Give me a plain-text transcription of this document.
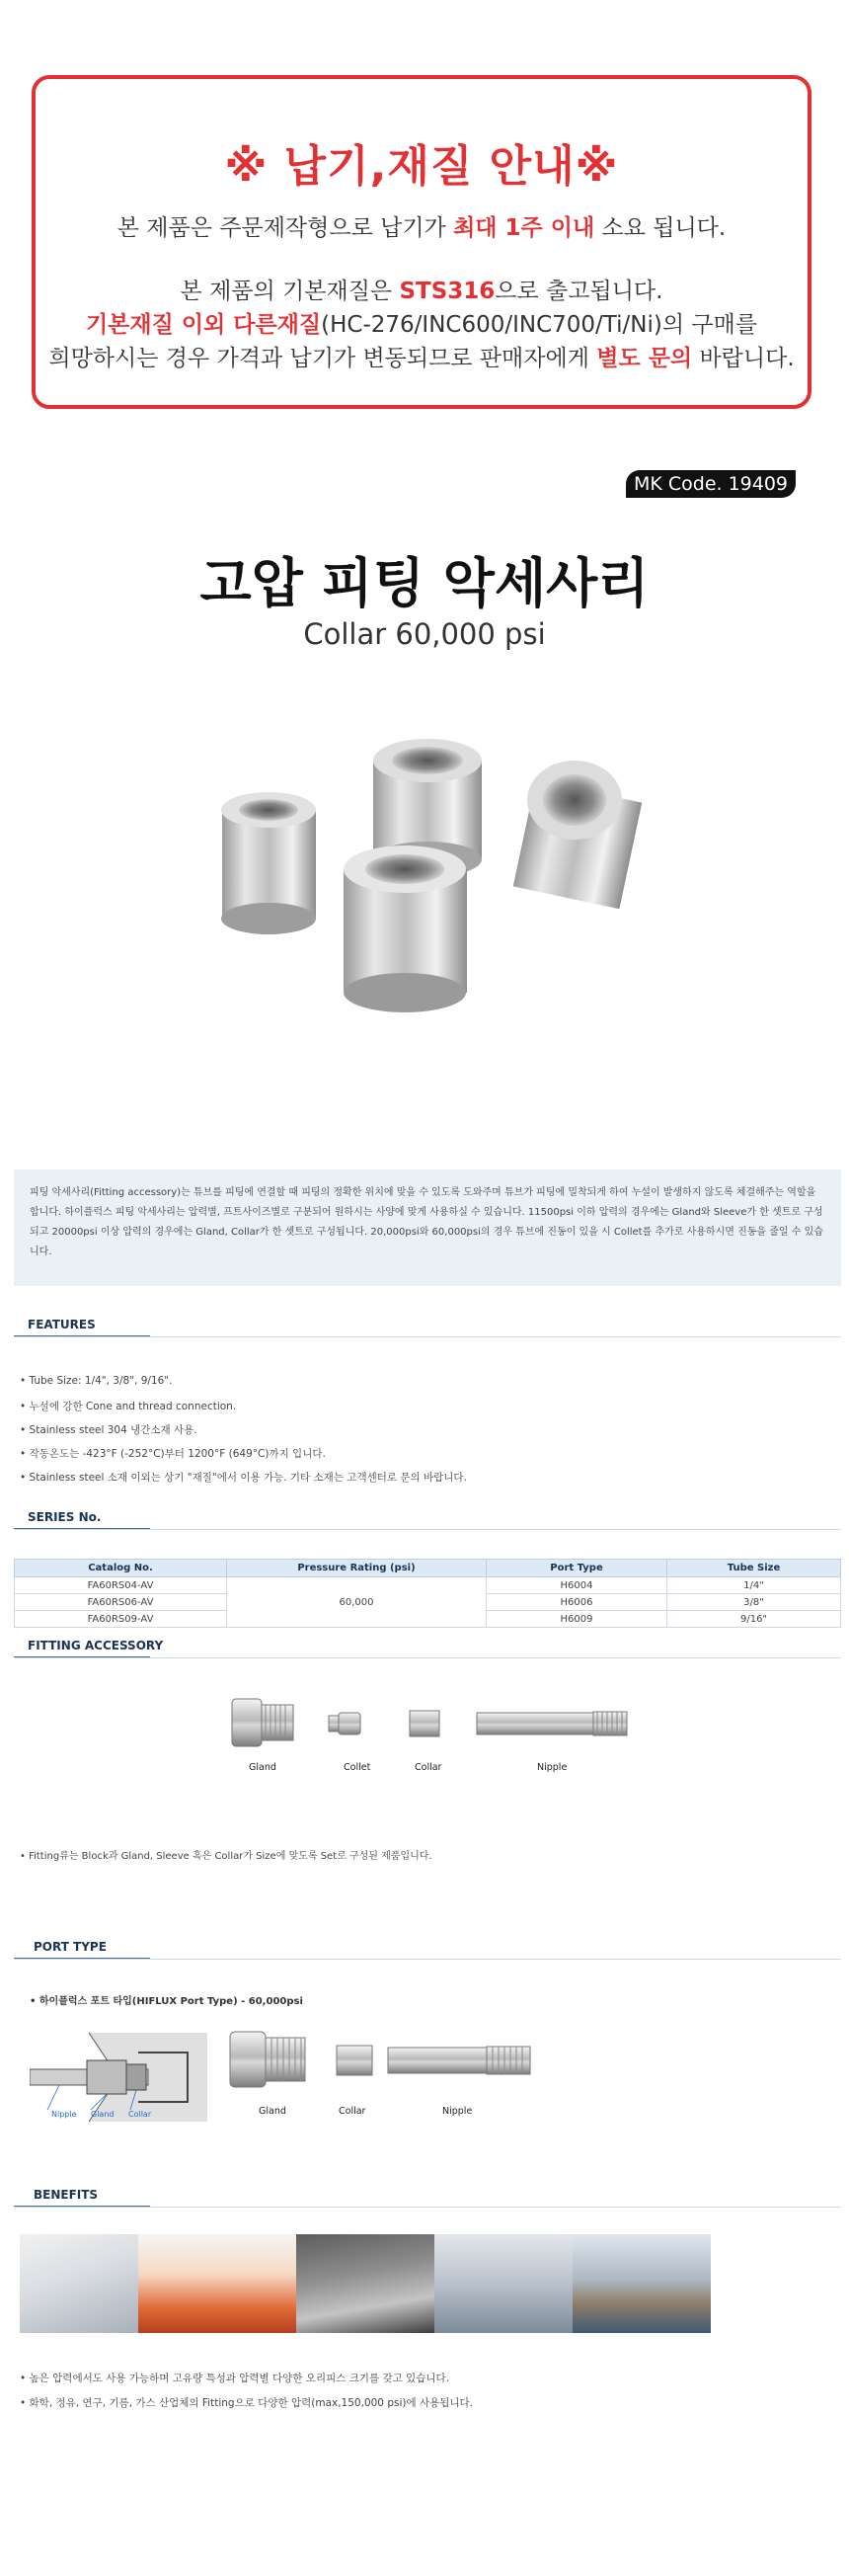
※ 납기,재질 안내※
본 제품은 주문제작형으로 납기가 최대 1주 이내 소요 됩니다.
본 제품의 기본재질은 STS316으로 출고됩니다.
기본재질 이외 다른재질(HC-276/INC600/INC700/Ti/Ni)의 구매를
희망하시는 경우 가격과 납기가 변동되므로 판매자에게 별도 문의 바랍니다.
MK Code. 19409
고압 피팅 악세사리
Collar 60,000 psi
피팅 악세사리(Fitting accessory)는 튜브를 피팅에 연결할 때 피팅의 정확한 위치에 맞을 수 있도록 도와주며 튜브가 피팅에 밀착되게 하여 누설이 발생하지 않도록 체결해주는 역할을 합니다. 하이플럭스 피팅 악세사리는 압력별, 프트사이즈별로 구분되어 원하시는 사양에 맞게 사용하실 수 있습니다. 11500psi 이하 압력의 경우에는 Gland와 Sleeve가 한 셋트로 구성되고 20000psi 이상 압력의 경우에는 Gland, Collar가 한 셋트로 구성됩니다. 20,000psi와 60,000psi의 경우 튜브에 진동이 있을 시 Collet를 추가로 사용하시면 진동을 줄일 수 있습니다.
FEATURES
• Tube Size: 1/4", 3/8", 9/16".
• 누설에 강한 Cone and thread connection.
• Stainless steel 304 냉간소재 사용.
• 작동온도는 -423°F (-252°C)부터 1200°F (649°C)까지 입니다.
• Stainless steel 소재 이외는 상기 "재질"에서 이용 가능. 기타 소재는 고객센터로 문의 바랍니다.
SERIES No.
Catalog No.	Pressure Rating (psi)	Port Type	Tube Size
FA60RS04-AV	60,000	H6004	1/4"
FA60RS06-AV		H6006	3/8"
FA60RS09-AV		H6009	9/16"
FITTING ACCESSORY
Gland	Collet	Collar	Nipple
• Fitting류는 Block과 Gland, Sleeve 혹은 Collar가 Size에 맞도록 Set로 구성된 제품입니다.
PORT TYPE
• 하이플럭스 포트 타입(HIFLUX Port Type) - 60,000psi
Nipple Gland Collar	Gland	Collar	Nipple
BENEFITS
• 높은 압력에서도 사용 가능하며 고유량 특성과 압력별 다양한 오리피스 크기를 갖고 있습니다.
• 화학, 정유, 연구, 기름, 가스 산업체의 Fitting으로 다양한 압력(max,150,000 psi)에 사용됩니다.
